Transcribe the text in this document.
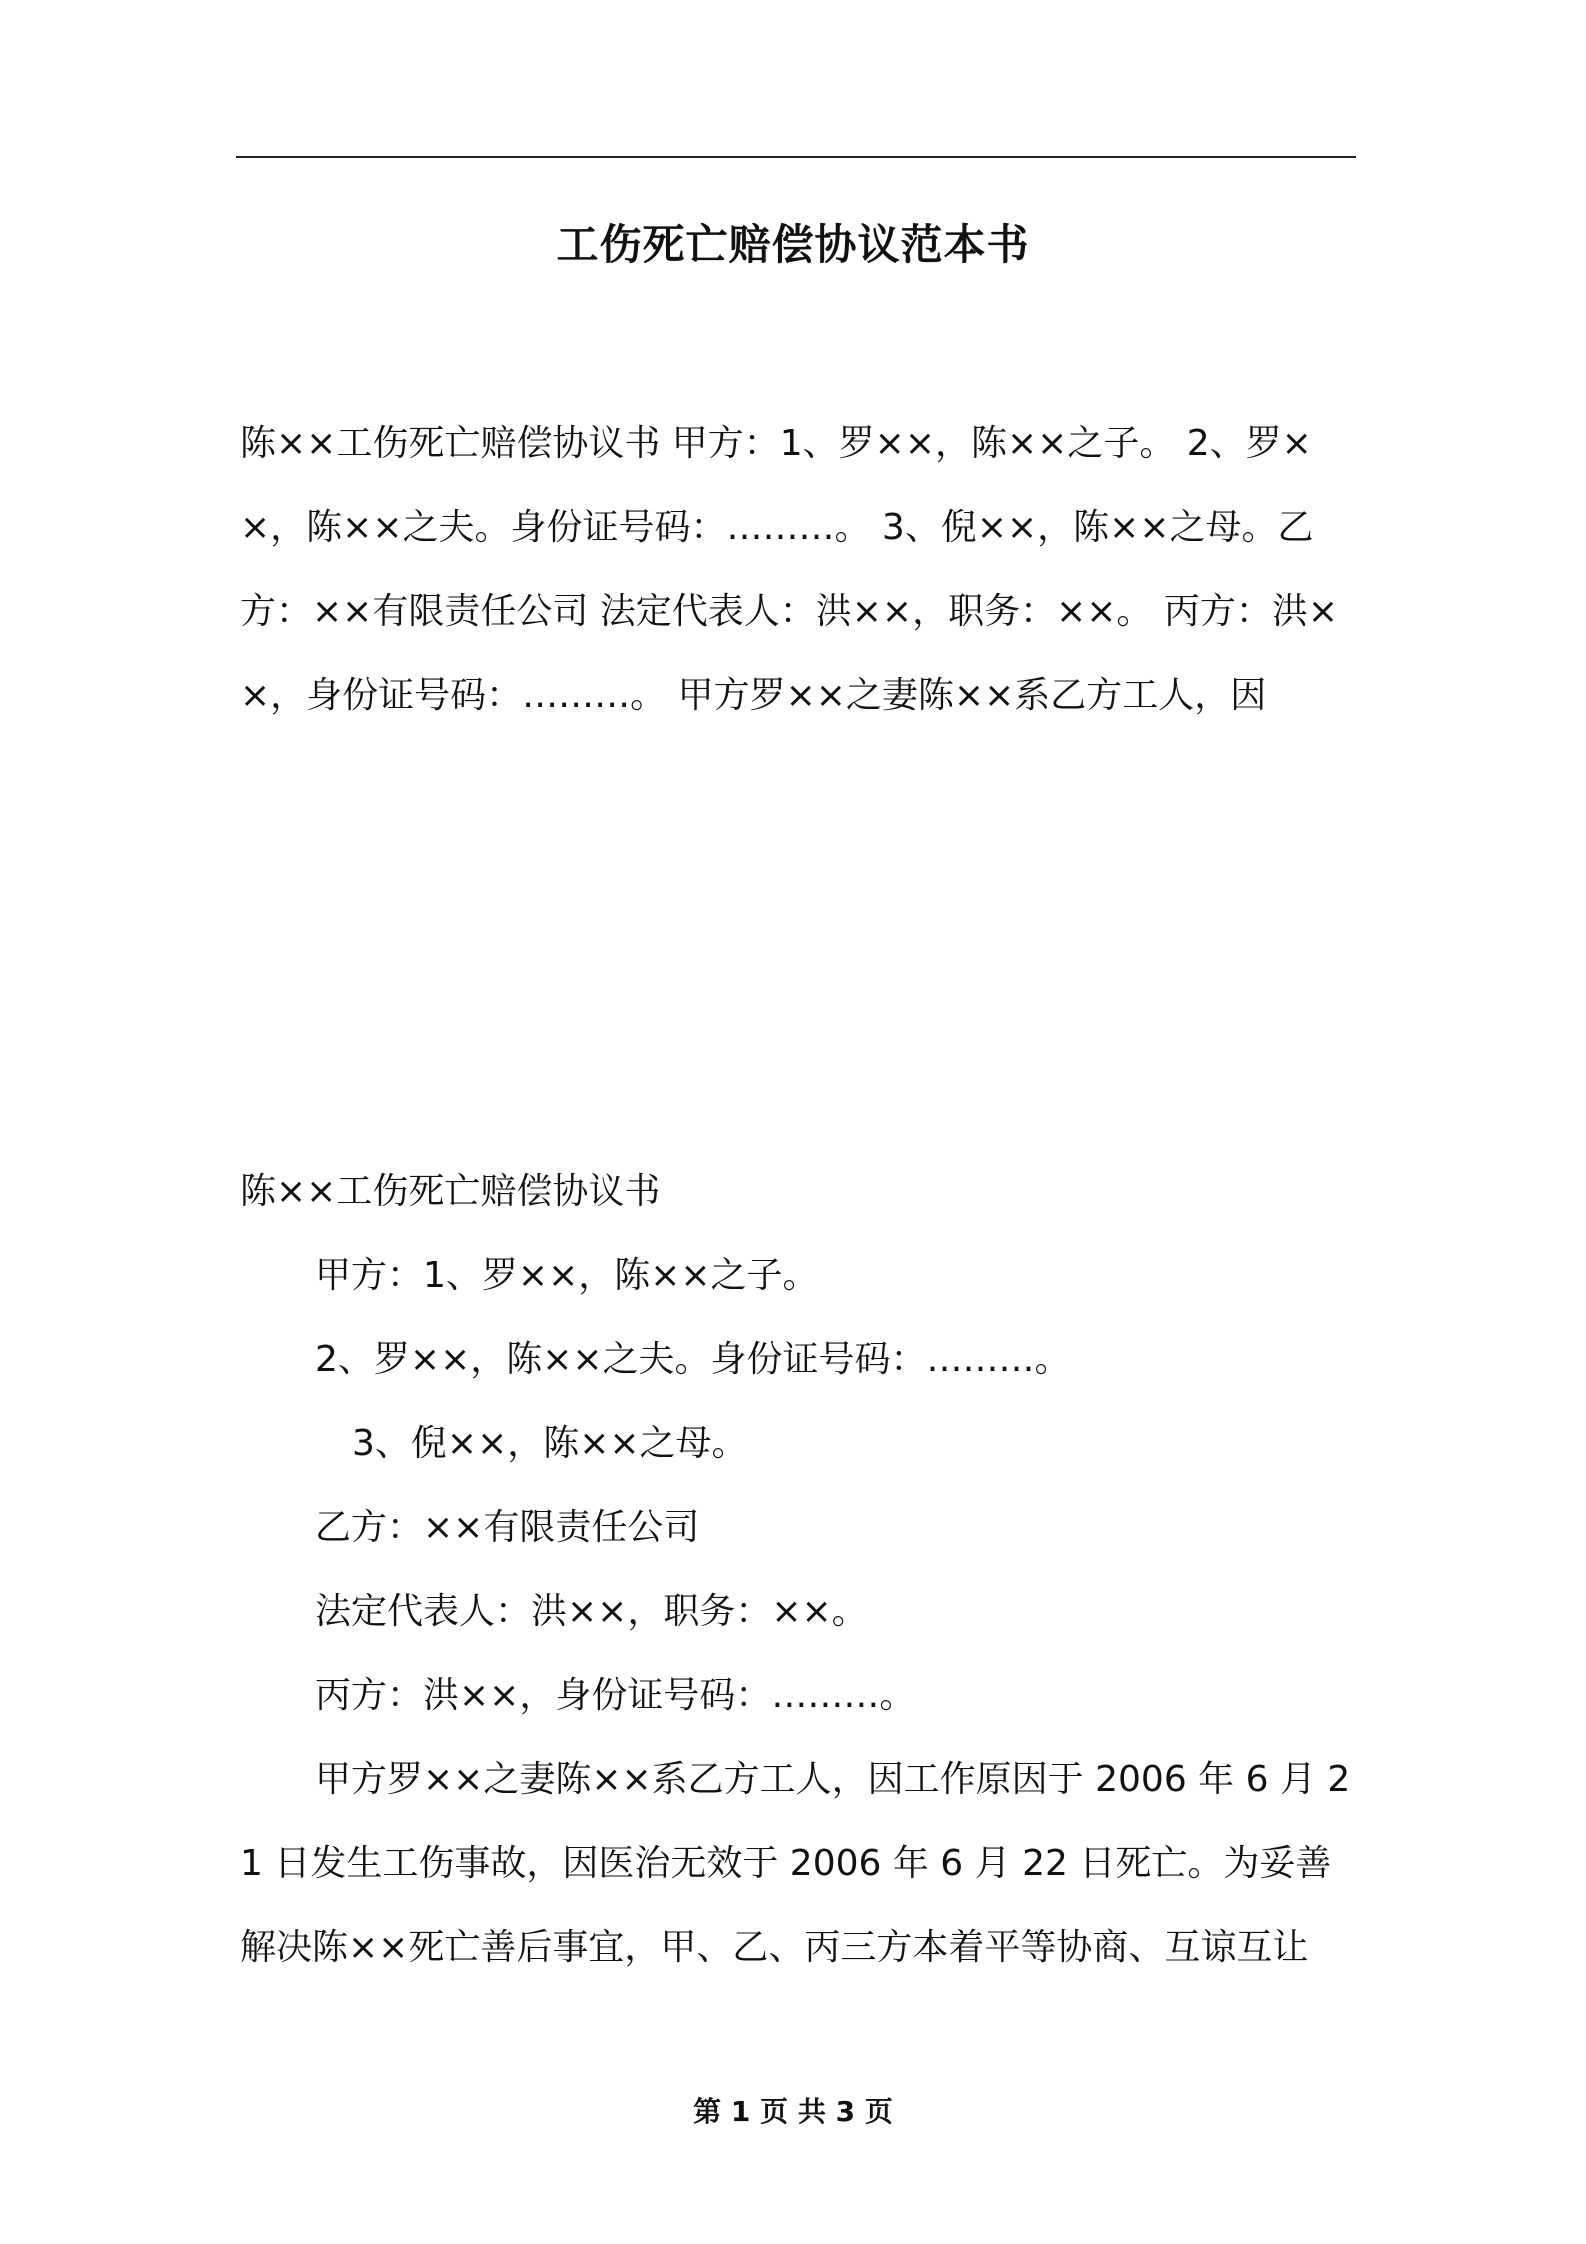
工伤死亡赔偿协议范本书

陈××工伤死亡赔偿协议书 甲方：1、罗××，陈××之子。 2、罗××，陈××之夫。身份证号码：………。 3、倪××，陈××之母。乙方：××有限责任公司 法定代表人：洪××，职务：××。 丙方：洪××，身份证号码：………。 甲方罗××之妻陈××系乙方工人，因

陈××工伤死亡赔偿协议书

甲方：1、罗××，陈××之子。

2、罗××，陈××之夫。身份证号码：………。

3、倪××，陈××之母。

乙方：××有限责任公司

法定代表人：洪××，职务：××。

丙方：洪××，身份证号码：………。

甲方罗××之妻陈××系乙方工人，因工作原因于 2006 年 6 月 21 日发生工伤事故，因医治无效于 2006 年 6 月 22 日死亡。为妥善解决陈××死亡善后事宜，甲、乙、丙三方本着平等协商、互谅互让

第 1 页 共 3 页
